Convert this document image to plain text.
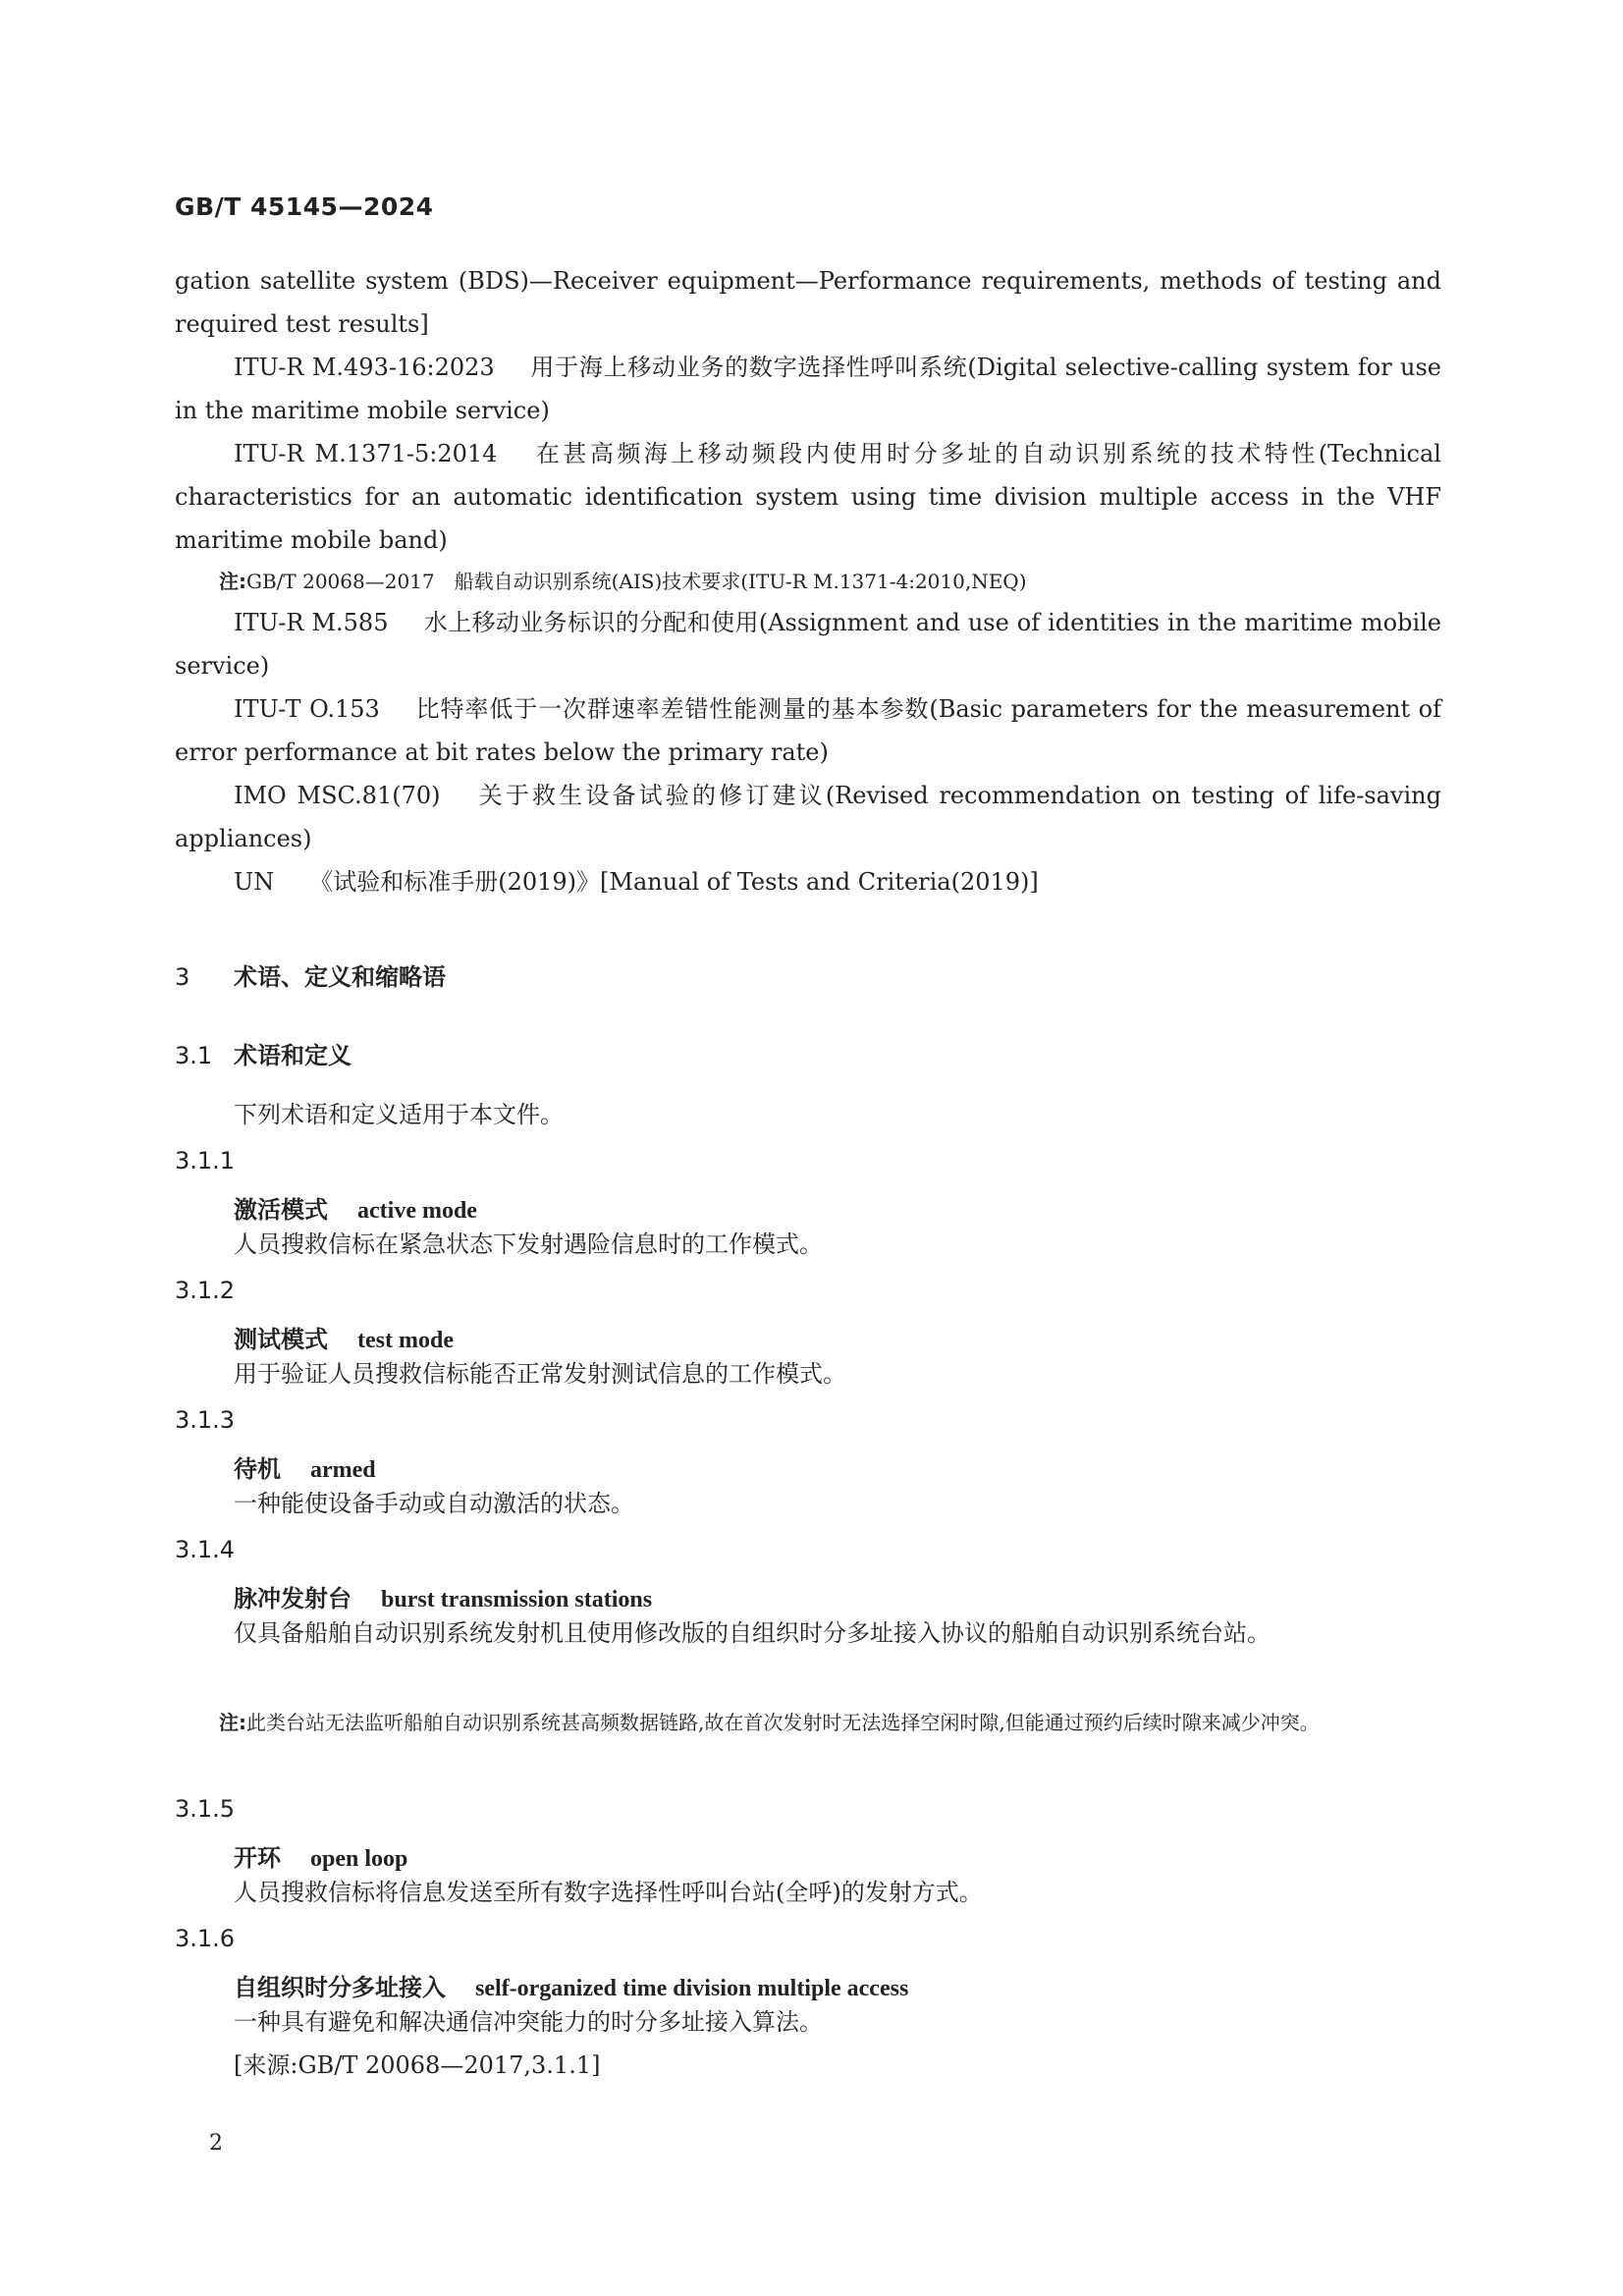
GB/T 45145—2024
gation satellite system (BDS)—Receiver equipment—Performance requirements, methods of testing and required test results]
ITU-R M.493-16:2023 用于海上移动业务的数字选择性呼叫系统(Digital selective-calling system for use in the maritime mobile service)
ITU-R M.1371-5:2014 在甚高频海上移动频段内使用时分多址的自动识别系统的技术特性(Technical characteristics for an automatic identification system using time division multiple access in the VHF maritime mobile band)
注:GB/T 20068—2017　船载自动识别系统(AIS)技术要求(ITU-R M.1371-4:2010,NEQ)
ITU-R M.585 水上移动业务标识的分配和使用(Assignment and use of identities in the maritime mobile service)
ITU-T O.153 比特率低于一次群速率差错性能测量的基本参数(Basic parameters for the measurement of error performance at bit rates below the primary rate)
IMO MSC.81(70) 关于救生设备试验的修订建议(Revised recommendation on testing of life-saving appliances)
UN 《试验和标准手册(2019)》[Manual of Tests and Criteria(2019)]
3 术语、定义和缩略语
3.1 术语和定义
下列术语和定义适用于本文件。
3.1.1
激活模式 active mode
人员搜救信标在紧急状态下发射遇险信息时的工作模式。
3.1.2
测试模式 test mode
用于验证人员搜救信标能否正常发射测试信息的工作模式。
3.1.3
待机 armed
一种能使设备手动或自动激活的状态。
3.1.4
脉冲发射台 burst transmission stations
仅具备船舶自动识别系统发射机且使用修改版的自组织时分多址接入协议的船舶自动识别系统台站。
注:此类台站无法监听船舶自动识别系统甚高频数据链路,故在首次发射时无法选择空闲时隙,但能通过预约后续时隙来减少冲突。
3.1.5
开环 open loop
人员搜救信标将信息发送至所有数字选择性呼叫台站(全呼)的发射方式。
3.1.6
自组织时分多址接入 self-organized time division multiple access
一种具有避免和解决通信冲突能力的时分多址接入算法。
[来源:GB/T 20068—2017,3.1.1]
2
